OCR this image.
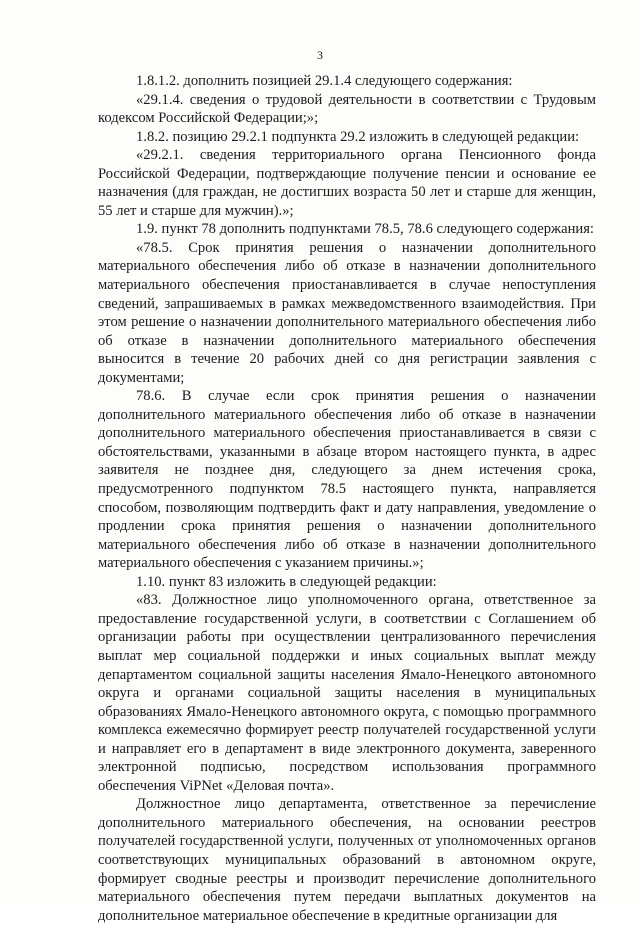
3

1.8.1.2. дополнить позицией 29.1.4 следующего содержания:

«29.1.4. сведения о трудовой деятельности в соответствии с Трудовым кодексом Российской Федерации;»;

1.8.2. позицию 29.2.1 подпункта 29.2 изложить в следующей редакции:

«29.2.1. сведения территориального органа Пенсионного фонда Российской Федерации, подтверждающие получение пенсии и основание ее назначения (для граждан, не достигших возраста 50 лет и старше для женщин, 55 лет и старше для мужчин).»;

1.9. пункт 78 дополнить подпунктами 78.5, 78.6 следующего содержания:

«78.5. Срок принятия решения о назначении дополнительного материального обеспечения либо об отказе в назначении дополнительного материального обеспечения приостанавливается в случае непоступления сведений, запрашиваемых в рамках межведомственного взаимодействия. При этом решение о назначении дополнительного материального обеспечения либо об отказе в назначении дополнительного материального обеспечения выносится в течение 20 рабочих дней со дня регистрации заявления с документами;

78.6. В случае если срок принятия решения о назначении дополнительного материального обеспечения либо об отказе в назначении дополнительного материального обеспечения приостанавливается в связи с обстоятельствами, указанными в абзаце втором настоящего пункта, в адрес заявителя не позднее дня, следующего за днем истечения срока, предусмотренного подпунктом 78.5 настоящего пункта, направляется способом, позволяющим подтвердить факт и дату направления, уведомление о продлении срока принятия решения о назначении дополнительного материального обеспечения либо об отказе в назначении дополнительного материального обеспечения с указанием причины.»;

1.10. пункт 83 изложить в следующей редакции:

«83. Должностное лицо уполномоченного органа, ответственное за предоставление государственной услуги, в соответствии с Соглашением об организации работы при осуществлении централизованного перечисления выплат мер социальной поддержки и иных социальных выплат между департаментом социальной защиты населения Ямало-Ненецкого автономного округа и органами социальной защиты населения в муниципальных образованиях Ямало-Ненецкого автономного округа, с помощью программного комплекса ежемесячно формирует реестр получателей государственной услуги и направляет его в департамент в виде электронного документа, заверенного электронной подписью, посредством использования программного обеспечения ViPNet «Деловая почта».

Должностное лицо департамента, ответственное за перечисление дополнительного материального обеспечения, на основании реестров получателей государственной услуги, полученных от уполномоченных органов соответствующих муниципальных образований в автономном округе, формирует сводные реестры и производит перечисление дополнительного материального обеспечения путем передачи выплатных документов на дополнительное материальное обеспечение в кредитные организации для
